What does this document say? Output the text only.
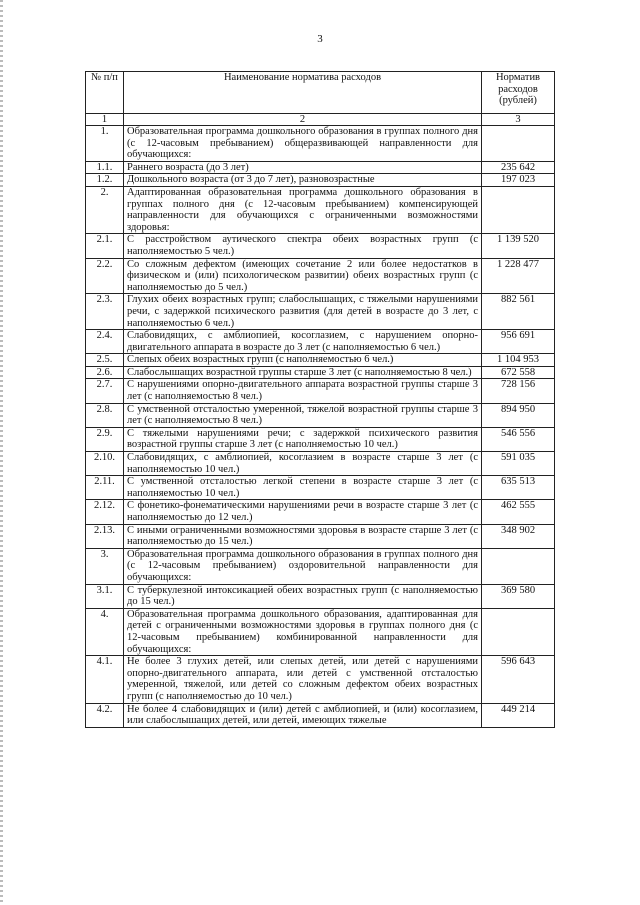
3
№ п/п	Наименование норматива расходов	Норматив расходов (рублей)
1	2	3
1.	Образовательная программа дошкольного образования в группах полного дня (с 12-часовым пребыванием) общеразвивающей направленности для обучающихся:	
1.1.	Раннего возраста (до 3 лет)	235 642
1.2.	Дошкольного возраста (от 3 до 7 лет), разновозрастные	197 023
2.	Адаптированная образовательная программа дошкольного образования в группах полного дня (с 12-часовым пребыванием) компенсирующей направленности для обучающихся с ограниченными возможностями здоровья:	
2.1.	С расстройством аутического спектра обеих возрастных групп (с наполняемостью 5 чел.)	1 139 520
2.2.	Со сложным дефектом (имеющих сочетание 2 или более недостатков в физическом и (или) психологическом развитии) обеих возрастных групп (с наполняемостью до 5 чел.)	1 228 477
2.3.	Глухих обеих возрастных групп; слабослышащих, с тяжелыми нарушениями речи, с задержкой психического развития (для детей в возрасте до 3 лет, с наполняемостью 6 чел.)	882 561
2.4.	Слабовидящих, с амблиопией, косоглазием, с нарушением опорно-двигательного аппарата в возрасте до 3 лет (с наполняемостью 6 чел.)	956 691
2.5.	Слепых обеих возрастных групп (с наполняемостью 6 чел.)	1 104 953
2.6.	Слабослышащих возрастной группы старше 3 лет (с наполняемостью 8 чел.)	672 558
2.7.	С нарушениями опорно-двигательного аппарата возрастной группы старше 3 лет (с наполняемостью 8 чел.)	728 156
2.8.	С умственной отсталостью умеренной, тяжелой возрастной группы старше 3 лет (с наполняемостью 8 чел.)	894 950
2.9.	С тяжелыми нарушениями речи; с задержкой психического развития возрастной группы старше 3 лет (с наполняемостью 10 чел.)	546 556
2.10.	Слабовидящих, с амблиопией, косоглазием в возрасте старше 3 лет (с наполняемостью 10 чел.)	591 035
2.11.	С умственной отсталостью легкой степени в возрасте старше 3 лет (с наполняемостью 10 чел.)	635 513
2.12.	С фонетико-фонематическими нарушениями речи в возрасте старше 3 лет (с наполняемостью до 12 чел.)	462 555
2.13.	С иными ограниченными возможностями здоровья в возрасте старше 3 лет (с наполняемостью до 15 чел.)	348 902
3.	Образовательная программа дошкольного образования в группах полного дня (с 12-часовым пребыванием) оздоровительной направленности для обучающихся:	
3.1.	С туберкулезной интоксикацией обеих возрастных групп (с наполняемостью до 15 чел.)	369 580
4.	Образовательная программа дошкольного образования, адаптированная для детей с ограниченными возможностями здоровья в группах полного дня (с 12-часовым пребыванием) комбинированной направленности для обучающихся:	
4.1.	Не более 3 глухих детей, или слепых детей, или детей с нарушениями опорно-двигательного аппарата, или детей с умственной отсталостью умеренной, тяжелой, или детей со сложным дефектом обеих возрастных групп (с наполняемостью до 10 чел.)	596 643
4.2.	Не более 4 слабовидящих и (или) детей с амблиопией, и (или) косоглазием, или слабослышащих детей, или детей, имеющих тяжелые	449 214
